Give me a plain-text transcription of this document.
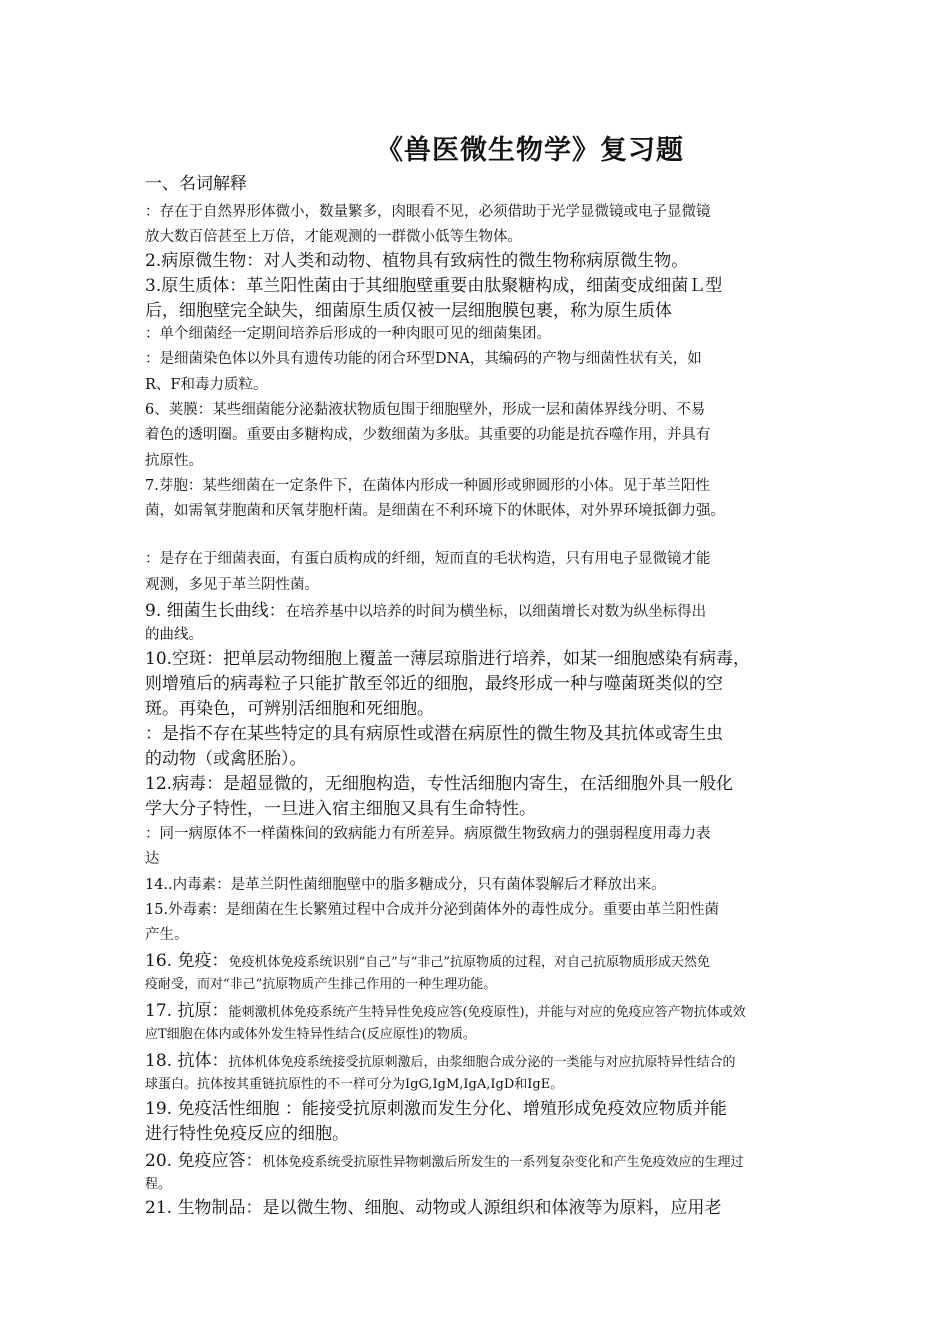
《兽医微生物学》复习题
一、名词解释
：存在于自然界形体微小，数量繁多，肉眼看不见，必须借助于光学显微镜或电子显微镜
放大数百倍甚至上万倍，才能观测的一群微小低等生物体。
2.病原微生物：对人类和动物、植物具有致病性的微生物称病原微生物。
3.原生质体：革兰阳性菌由于其细胞壁重要由肽聚糖构成，细菌变成细菌Ｌ型
后，细胞壁完全缺失，细菌原生质仅被一层细胞膜包裹，称为原生质体
：单个细菌经一定期间培养后形成的一种肉眼可见的细菌集团。
：是细菌染色体以外具有遗传功能的闭合环型DNA，其编码的产物与细菌性状有关，如
R、F和毒力质粒。
6、荚膜：某些细菌能分泌黏液状物质包围于细胞壁外，形成一层和菌体界线分明、不易
着色的透明圈。重要由多糖构成，少数细菌为多肽。其重要的功能是抗吞噬作用，并具有
抗原性。
7.芽胞：某些细菌在一定条件下，在菌体内形成一种圆形或卵圆形的小体。见于革兰阳性
菌，如需氧芽胞菌和厌氧芽胞杆菌。是细菌在不利环境下的休眠体，对外界环境抵御力强。
：是存在于细菌表面，有蛋白质构成的纤细，短而直的毛状构造，只有用电子显微镜才能
观测，多见于革兰阴性菌。
9. 细菌生长曲线：在培养基中以培养的时间为横坐标，以细菌增长对数为纵坐标得出
的曲线。
10.空斑：把单层动物细胞上覆盖一薄层琼脂进行培养，如某一细胞感染有病毒，
则增殖后的病毒粒子只能扩散至邻近的细胞，最终形成一种与噬菌斑类似的空
斑。再染色，可辨别活细胞和死细胞。
：是指不存在某些特定的具有病原性或潜在病原性的微生物及其抗体或寄生虫
的动物（或禽胚胎）。
12.病毒：是超显微的，无细胞构造，专性活细胞内寄生，在活细胞外具一般化
学大分子特性，一旦进入宿主细胞又具有生命特性。
：同一病原体不一样菌株间的致病能力有所差异。病原微生物致病力的强弱程度用毒力表
达
14..内毒素：是革兰阴性菌细胞壁中的脂多糖成分，只有菌体裂解后才释放出来。
15.外毒素：是细菌在生长繁殖过程中合成并分泌到菌体外的毒性成分。重要由革兰阳性菌
产生。
16. 免疫：免疫机体免疫系统识别“自己”与“非己”抗原物质的过程，对自己抗原物质形成天然免
疫耐受，而对“非己”抗原物质产生排己作用的一种生理功能。
17. 抗原：能刺激机体免疫系统产生特异性免疫应答(免疫原性)，并能与对应的免疫应答产物抗体或效
应T细胞在体内或体外发生特异性结合(反应原性)的物质。
18. 抗体：抗体机体免疫系统接受抗原刺激后，由浆细胞合成分泌的一类能与对应抗原特异性结合的
球蛋白。抗体按其重链抗原性的不一样可分为IgG,IgM,IgA,IgD和IgE。
19. 免疫活性细胞 ：能接受抗原刺激而发生分化、增殖形成免疫效应物质并能
进行特性免疫反应的细胞。
20. 免疫应答：机体免疫系统受抗原性异物刺激后所发生的一系列复杂变化和产生免疫效应的生理过
程。
21. 生物制品：是以微生物、细胞、动物或人源组织和体液等为原料，应用老
